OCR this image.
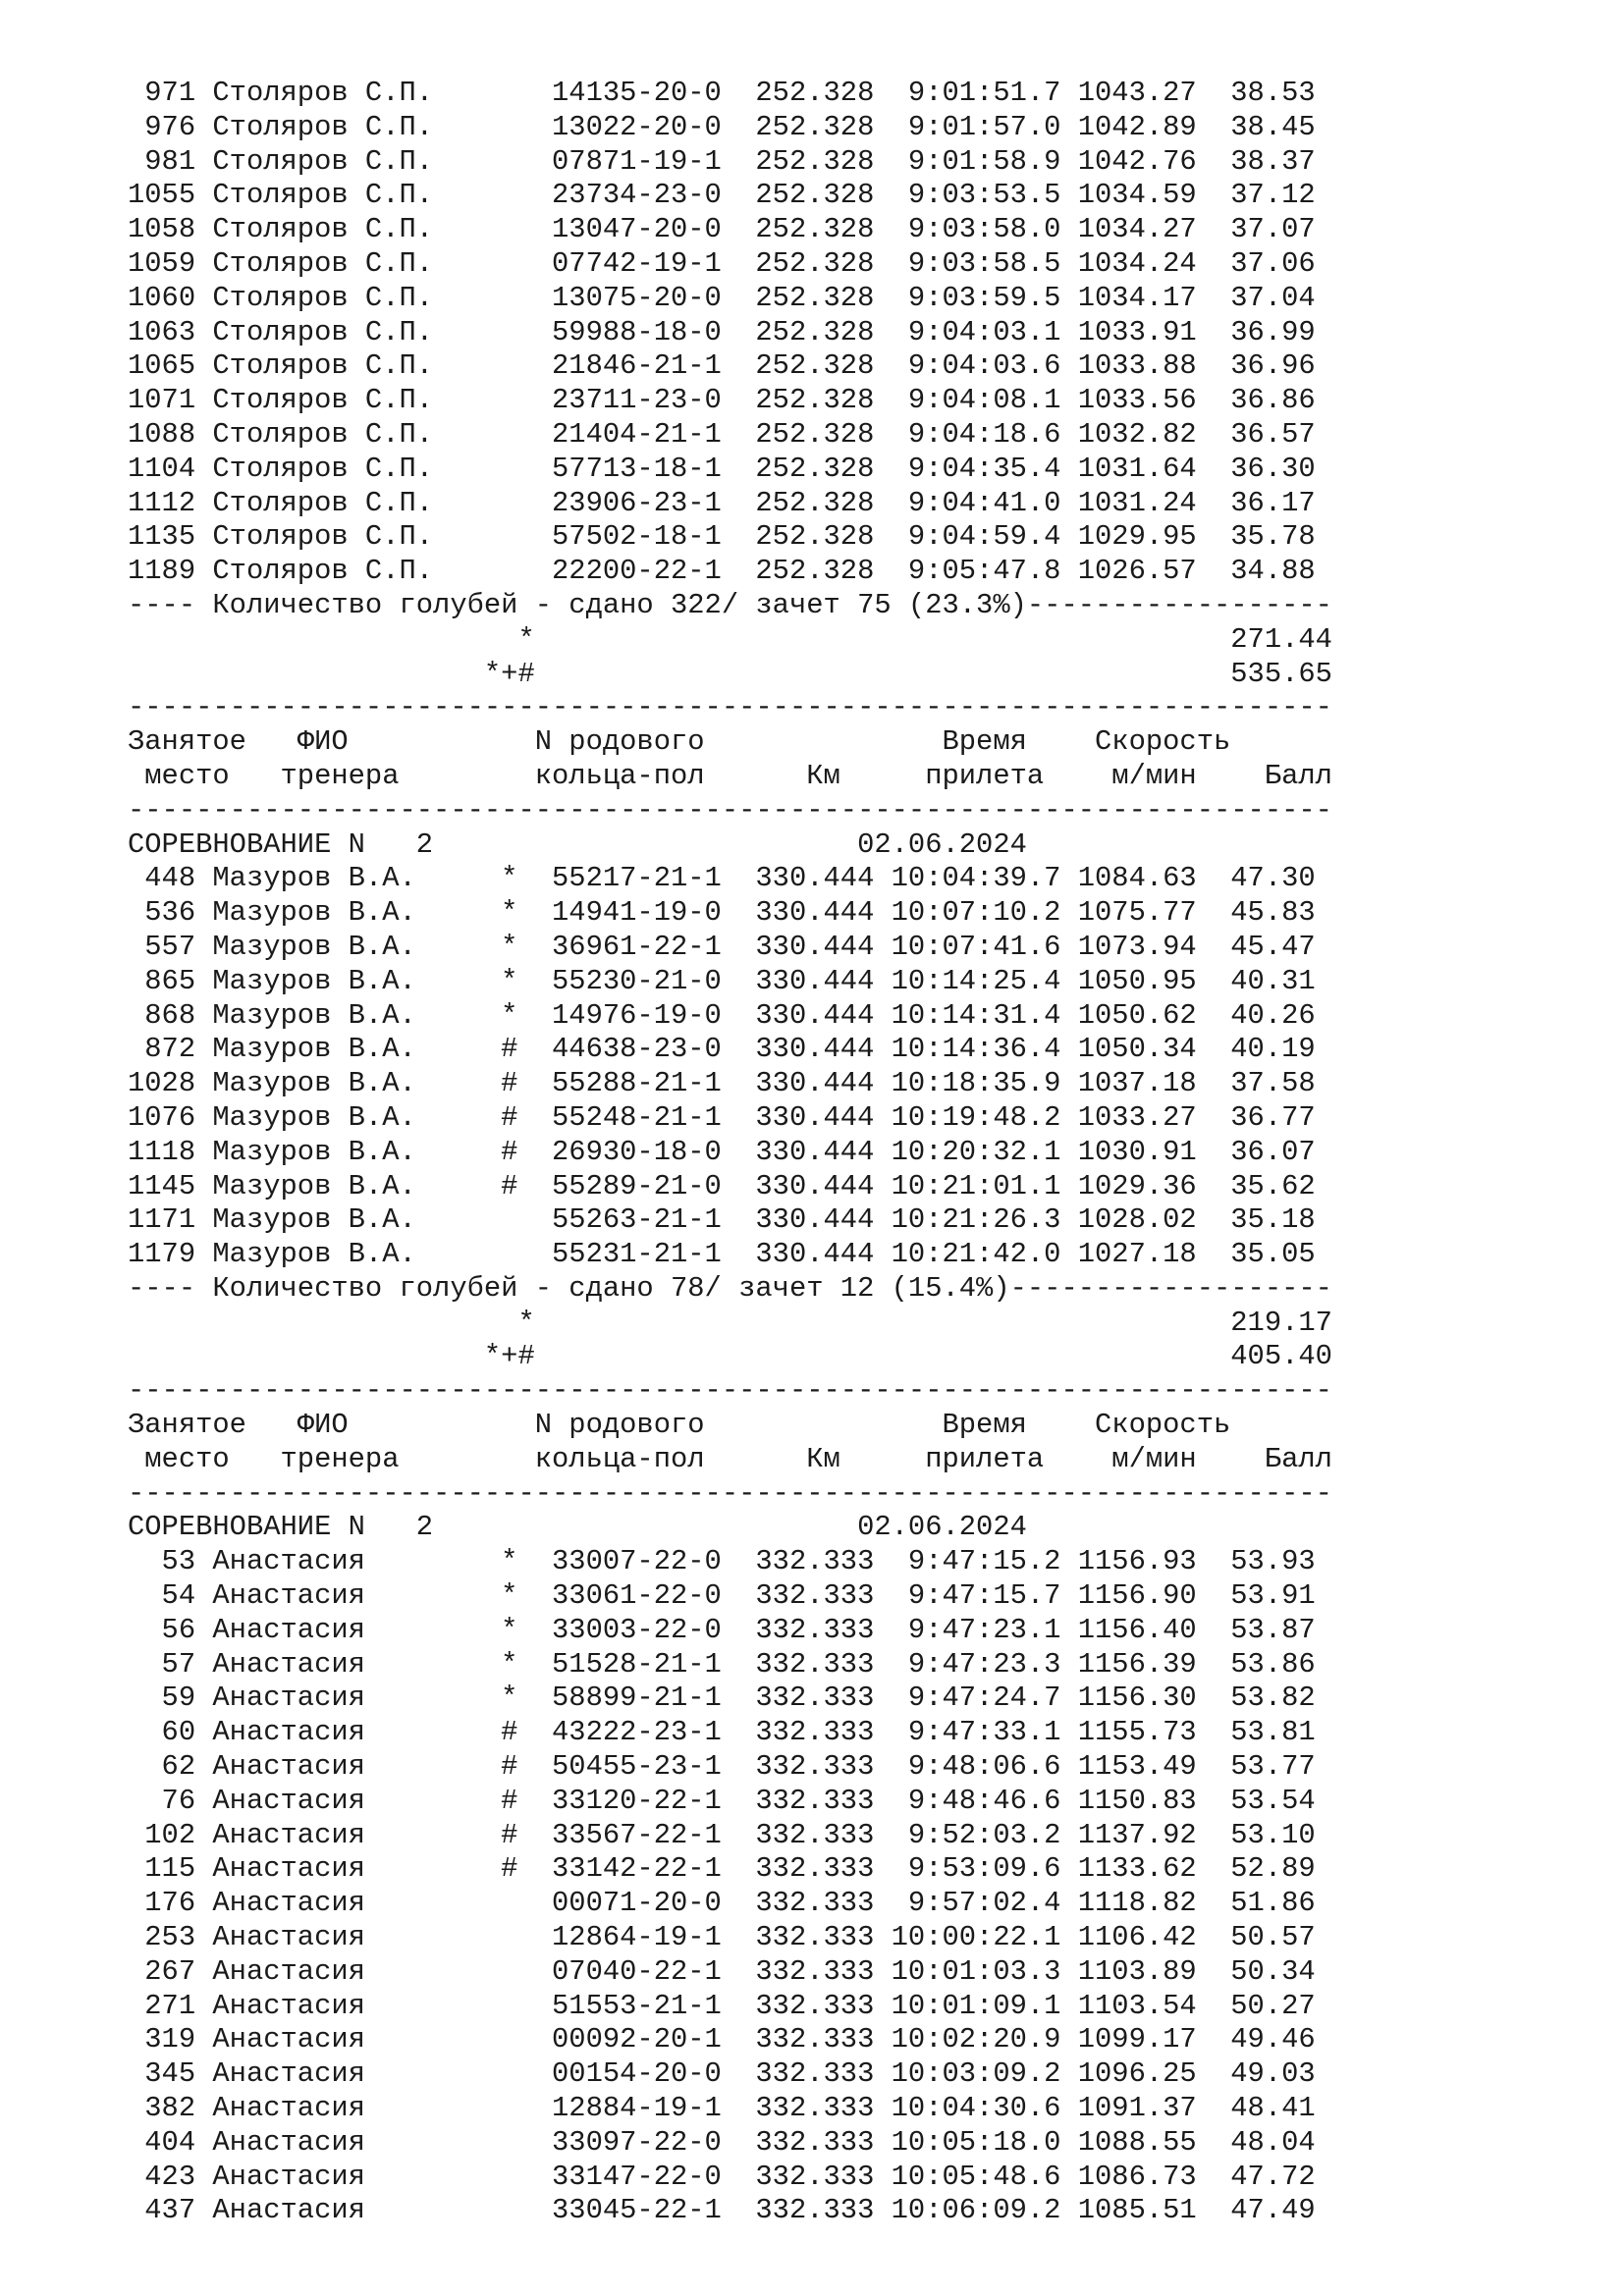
971 Столяров С.П.       14135-20-0  252.328  9:01:51.7 1043.27  38.53
976 Столяров С.П.       13022-20-0  252.328  9:01:57.0 1042.89  38.45
981 Столяров С.П.       07871-19-1  252.328  9:01:58.9 1042.76  38.37
1055 Столяров С.П.       23734-23-0  252.328  9:03:53.5 1034.59  37.12
1058 Столяров С.П.       13047-20-0  252.328  9:03:58.0 1034.27  37.07
1059 Столяров С.П.       07742-19-1  252.328  9:03:58.5 1034.24  37.06
1060 Столяров С.П.       13075-20-0  252.328  9:03:59.5 1034.17  37.04
1063 Столяров С.П.       59988-18-0  252.328  9:04:03.1 1033.91  36.99
1065 Столяров С.П.       21846-21-1  252.328  9:04:03.6 1033.88  36.96
1071 Столяров С.П.       23711-23-0  252.328  9:04:08.1 1033.56  36.86
1088 Столяров С.П.       21404-21-1  252.328  9:04:18.6 1032.82  36.57
1104 Столяров С.П.       57713-18-1  252.328  9:04:35.4 1031.64  36.30
1112 Столяров С.П.       23906-23-1  252.328  9:04:41.0 1031.24  36.17
1135 Столяров С.П.       57502-18-1  252.328  9:04:59.4 1029.95  35.78
1189 Столяров С.П.       22200-22-1  252.328  9:05:47.8 1026.57  34.88
---- Количество голубей - сдано 322/ зачет 75 (23.3%)------------------
*                                         271.44
*+#                                         535.65
-----------------------------------------------------------------------
Занятое   ФИО           N родового              Время    Скорость
место   тренера        кольца-пол      Км     прилета    м/мин    Балл
-----------------------------------------------------------------------
СОРЕВНОВАНИЕ N   2                         02.06.2024
448 Мазуров В.А.     *  55217-21-1  330.444 10:04:39.7 1084.63  47.30
536 Мазуров В.А.     *  14941-19-0  330.444 10:07:10.2 1075.77  45.83
557 Мазуров В.А.     *  36961-22-1  330.444 10:07:41.6 1073.94  45.47
865 Мазуров В.А.     *  55230-21-0  330.444 10:14:25.4 1050.95  40.31
868 Мазуров В.А.     *  14976-19-0  330.444 10:14:31.4 1050.62  40.26
872 Мазуров В.А.     #  44638-23-0  330.444 10:14:36.4 1050.34  40.19
1028 Мазуров В.А.     #  55288-21-1  330.444 10:18:35.9 1037.18  37.58
1076 Мазуров В.А.     #  55248-21-1  330.444 10:19:48.2 1033.27  36.77
1118 Мазуров В.А.     #  26930-18-0  330.444 10:20:32.1 1030.91  36.07
1145 Мазуров В.А.     #  55289-21-0  330.444 10:21:01.1 1029.36  35.62
1171 Мазуров В.А.        55263-21-1  330.444 10:21:26.3 1028.02  35.18
1179 Мазуров В.А.        55231-21-1  330.444 10:21:42.0 1027.18  35.05
---- Количество голубей - сдано 78/ зачет 12 (15.4%)-------------------
*                                         219.17
*+#                                         405.40
-----------------------------------------------------------------------
Занятое   ФИО           N родового              Время    Скорость
место   тренера        кольца-пол      Км     прилета    м/мин    Балл
-----------------------------------------------------------------------
СОРЕВНОВАНИЕ N   2                         02.06.2024
53 Анастасия        *  33007-22-0  332.333  9:47:15.2 1156.93  53.93
54 Анастасия        *  33061-22-0  332.333  9:47:15.7 1156.90  53.91
56 Анастасия        *  33003-22-0  332.333  9:47:23.1 1156.40  53.87
57 Анастасия        *  51528-21-1  332.333  9:47:23.3 1156.39  53.86
59 Анастасия        *  58899-21-1  332.333  9:47:24.7 1156.30  53.82
60 Анастасия        #  43222-23-1  332.333  9:47:33.1 1155.73  53.81
62 Анастасия        #  50455-23-1  332.333  9:48:06.6 1153.49  53.77
76 Анастасия        #  33120-22-1  332.333  9:48:46.6 1150.83  53.54
102 Анастасия        #  33567-22-1  332.333  9:52:03.2 1137.92  53.10
115 Анастасия        #  33142-22-1  332.333  9:53:09.6 1133.62  52.89
176 Анастасия           00071-20-0  332.333  9:57:02.4 1118.82  51.86
253 Анастасия           12864-19-1  332.333 10:00:22.1 1106.42  50.57
267 Анастасия           07040-22-1  332.333 10:01:03.3 1103.89  50.34
271 Анастасия           51553-21-1  332.333 10:01:09.1 1103.54  50.27
319 Анастасия           00092-20-1  332.333 10:02:20.9 1099.17  49.46
345 Анастасия           00154-20-0  332.333 10:03:09.2 1096.25  49.03
382 Анастасия           12884-19-1  332.333 10:04:30.6 1091.37  48.41
404 Анастасия           33097-22-0  332.333 10:05:18.0 1088.55  48.04
423 Анастасия           33147-22-0  332.333 10:05:48.6 1086.73  47.72
437 Анастасия           33045-22-1  332.333 10:06:09.2 1085.51  47.49
